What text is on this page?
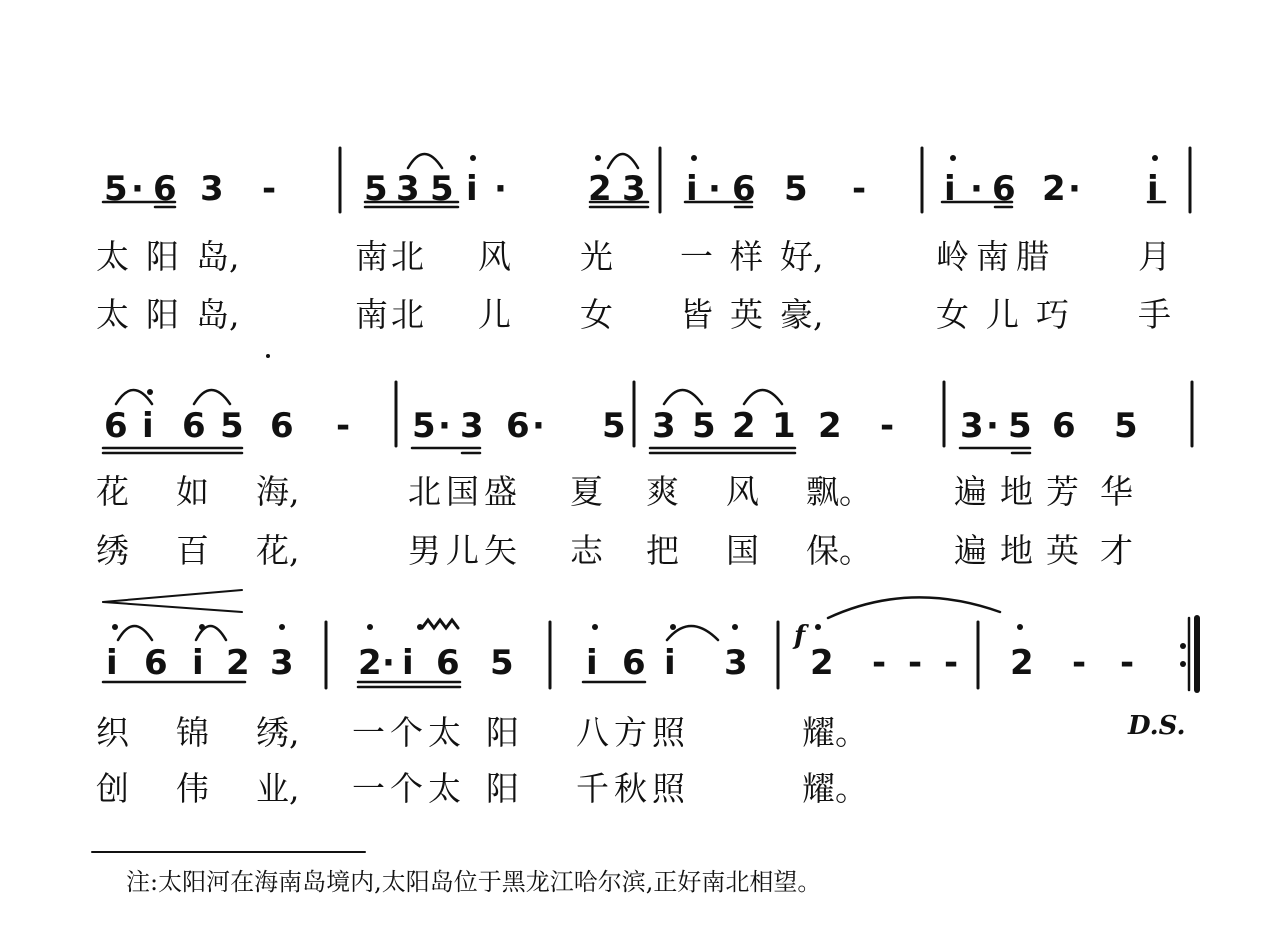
5 · 6 3 -	5 3 5 i · 2 3 i · 6 5 - i · 6 2 · i
6 i 6 5 6 - 5 · 3 6 · 5 3 5 2 1 2 - 3 · 5 6 5
i 6 i 2 3 2 · i 6 5 i 6 i 3 2 - - - 2 - -
f
D.S.
太 阳 岛,	南 北 风 光 一 样 好,	岭 南 腊	月
太 阳 岛,	南 北 儿 女 皆 英 豪,	女 儿 巧 手
花 如 海,	北 国 盛 夏 爽 风 飘。 遍 地 芳 华
绣 百 花,	男 儿 矢 志 把 国 保。 遍 地 英 才
织 锦 绣, 一 个 太 阳 八 方 照	耀。
创 伟 业, 一 个 太 阳 千 秋 照	耀。
注:太阳河在海南岛境内,太阳岛位于黑龙江哈尔滨,正好南北相望。
